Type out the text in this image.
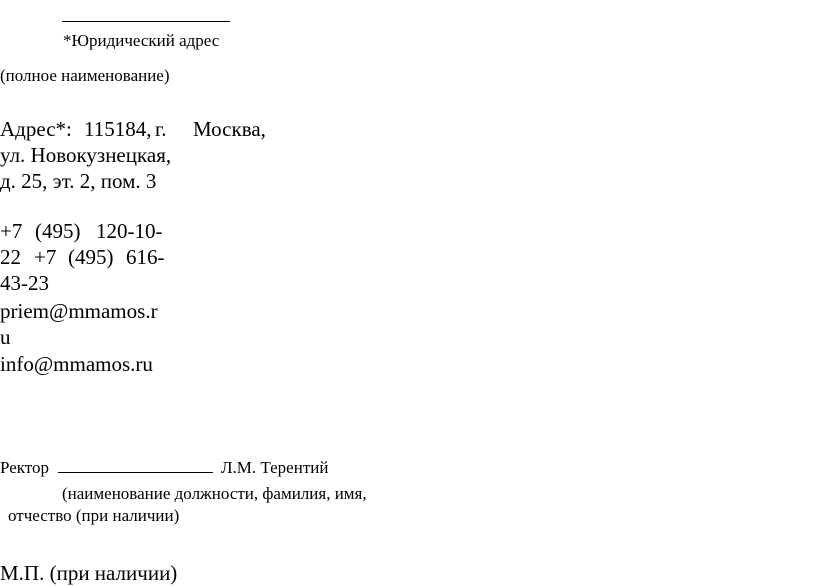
*Юридический адрес
(полное наименование)
Адрес*: 115184, г. Москва,
ул. Новокузнецкая,
д. 25, эт. 2, пом. 3
+7 (495) 120-10-
22 +7 (495) 616-
43-23
priem@mmamos.r
u
info@mmamos.ru
Ректор	Л.М. Терентий
(наименование должности, фамилия, имя,
отчество (при наличии)
М.П. (при наличии)
